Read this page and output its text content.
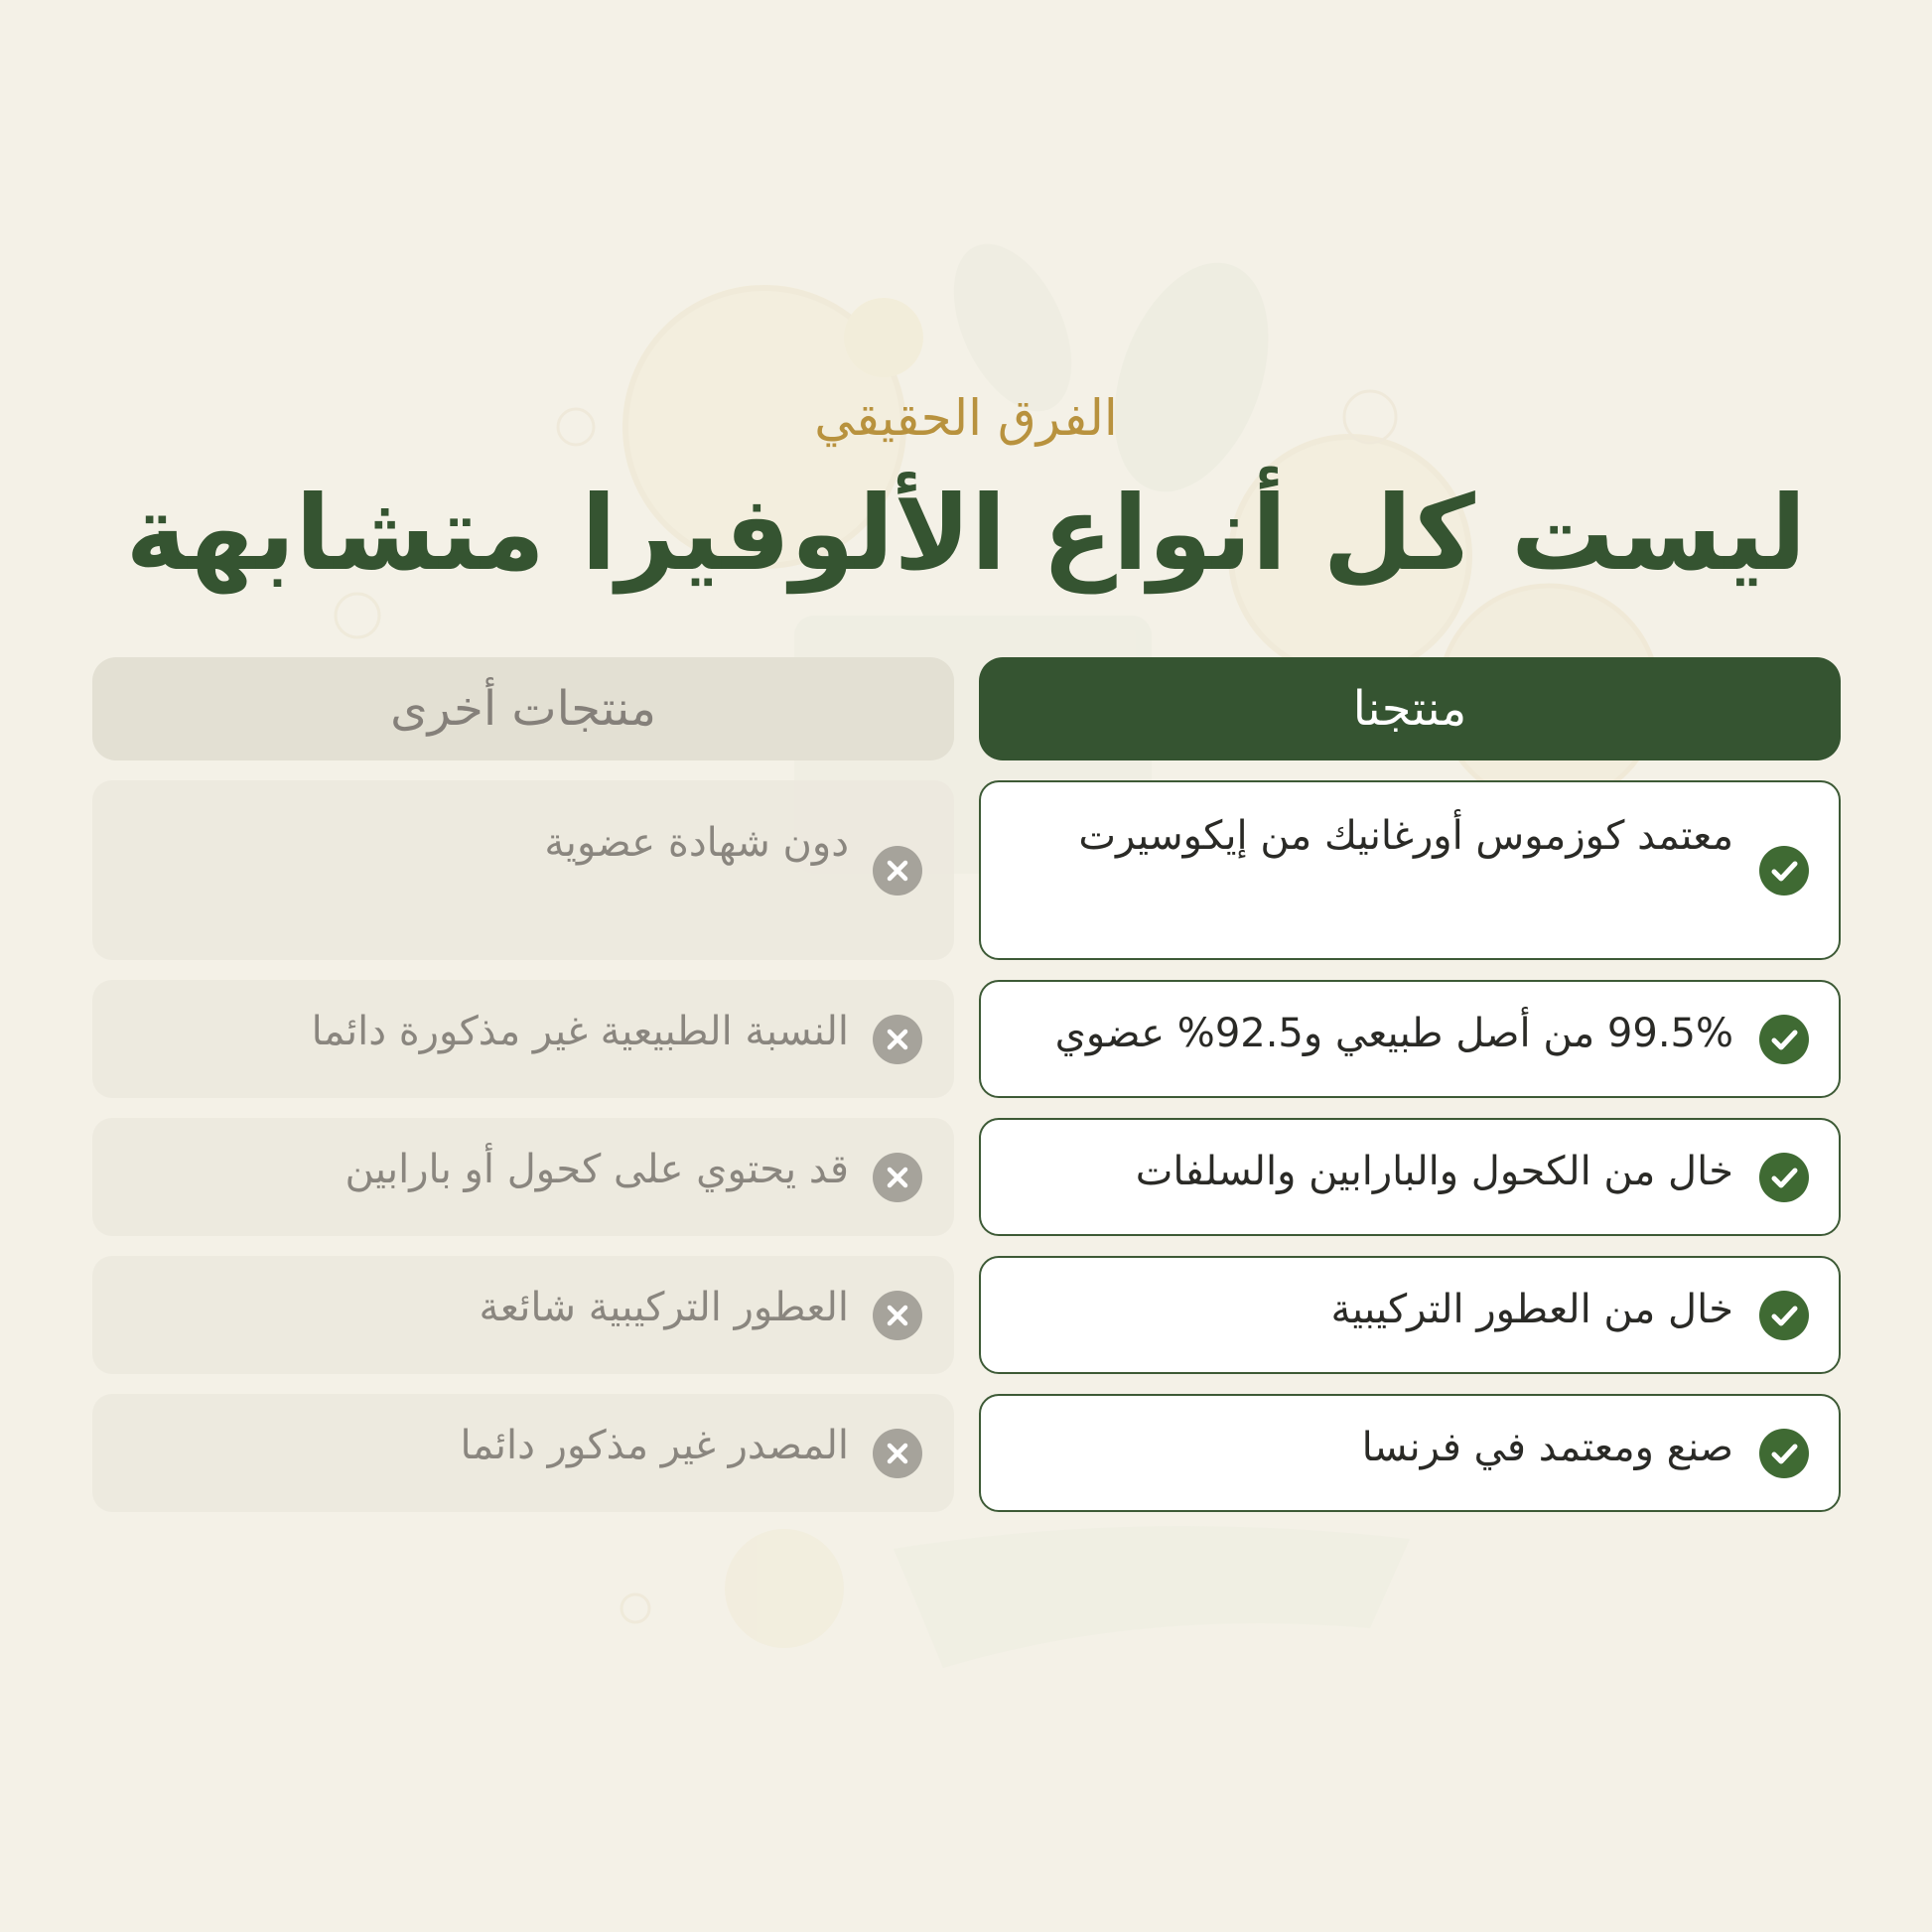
الفرق الحقيقي
ليست كل أنواع الألوفيرا متشابهة
منتجنا
منتجات أخرى
معتمد كوزموس أورغانيك من إيكوسيرت
دون شهادة عضوية
99.5% من أصل طبيعي و92.5% عضوي
النسبة الطبيعية غير مذكورة دائما
خال من الكحول والبارابين والسلفات
قد يحتوي على كحول أو بارابين
خال من العطور التركيبية
العطور التركيبية شائعة
صنع ومعتمد في فرنسا
المصدر غير مذكور دائما
